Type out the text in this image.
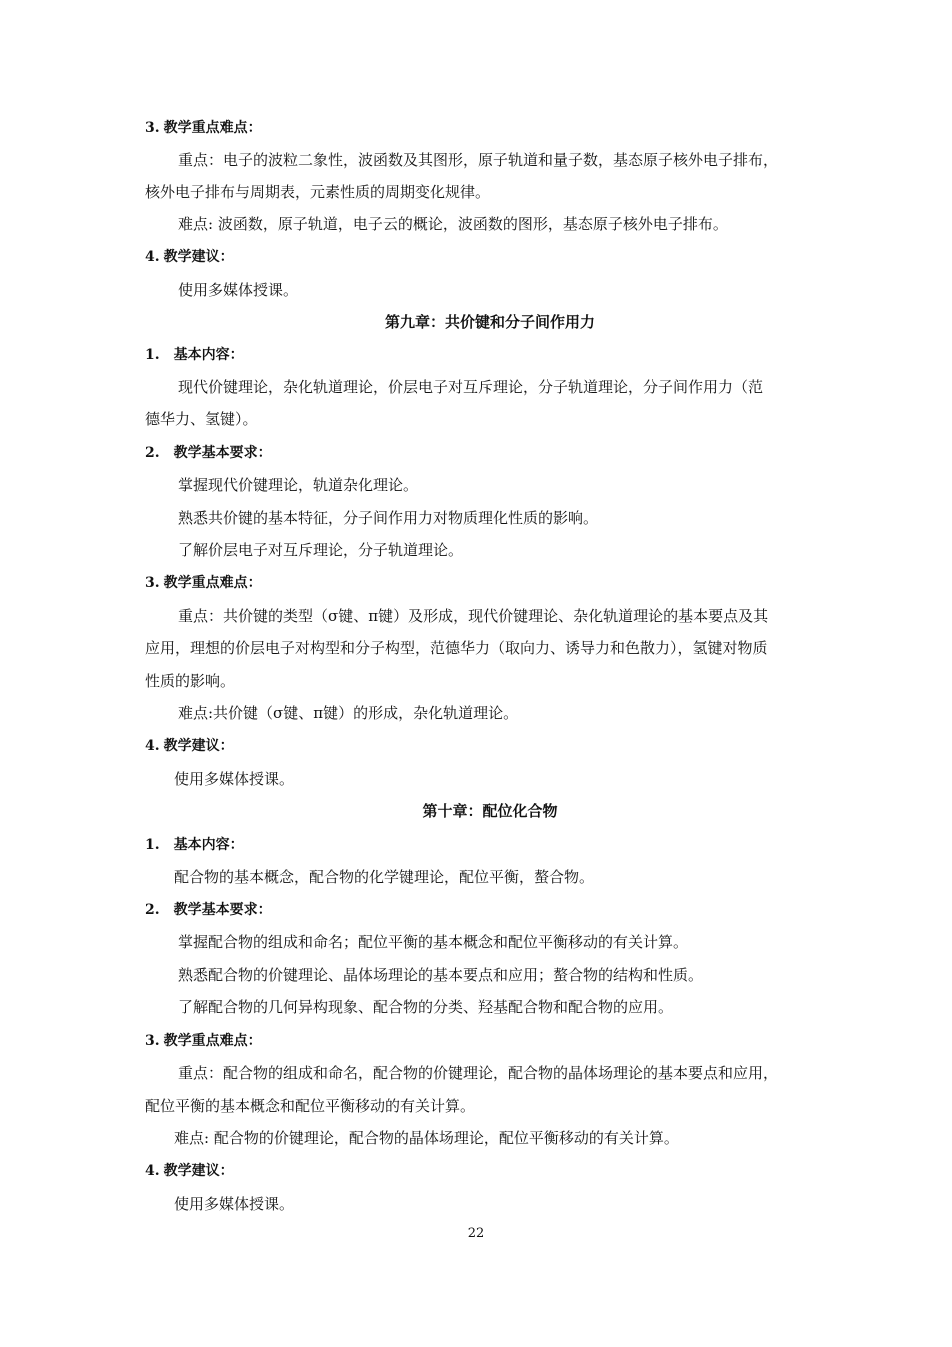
3. 教学重点难点：
重点：电子的波粒二象性，波函数及其图形，原子轨道和量子数，基态原子核外电子排布，
核外电子排布与周期表，元素性质的周期变化规律。
难点: 波函数，原子轨道，电子云的概论，波函数的图形，基态原子核外电子排布。
4. 教学建议：
使用多媒体授课。
第九章：共价键和分子间作用力
1. 基本内容：
现代价键理论，杂化轨道理论，价层电子对互斥理论，分子轨道理论，分子间作用力（范
德华力、氢键）。
2. 教学基本要求：
掌握现代价键理论，轨道杂化理论。
熟悉共价键的基本特征，分子间作用力对物质理化性质的影响。
了解价层电子对互斥理论，分子轨道理论。
3. 教学重点难点：
重点：共价键的类型（σ键、π键）及形成，现代价键理论、杂化轨道理论的基本要点及其
应用，理想的价层电子对构型和分子构型，范德华力（取向力、诱导力和色散力），氢键对物质
性质的影响。
难点:共价键（σ键、π键）的形成，杂化轨道理论。
4. 教学建议：
使用多媒体授课。
第十章：配位化合物
1. 基本内容：
配合物的基本概念，配合物的化学键理论，配位平衡，螯合物。
2. 教学基本要求：
掌握配合物的组成和命名；配位平衡的基本概念和配位平衡移动的有关计算。
熟悉配合物的价键理论、晶体场理论的基本要点和应用；螯合物的结构和性质。
了解配合物的几何异构现象、配合物的分类、羟基配合物和配合物的应用。
3. 教学重点难点：
重点：配合物的组成和命名，配合物的价键理论，配合物的晶体场理论的基本要点和应用，
配位平衡的基本概念和配位平衡移动的有关计算。
难点: 配合物的价键理论，配合物的晶体场理论，配位平衡移动的有关计算。
4. 教学建议：
使用多媒体授课。
22
